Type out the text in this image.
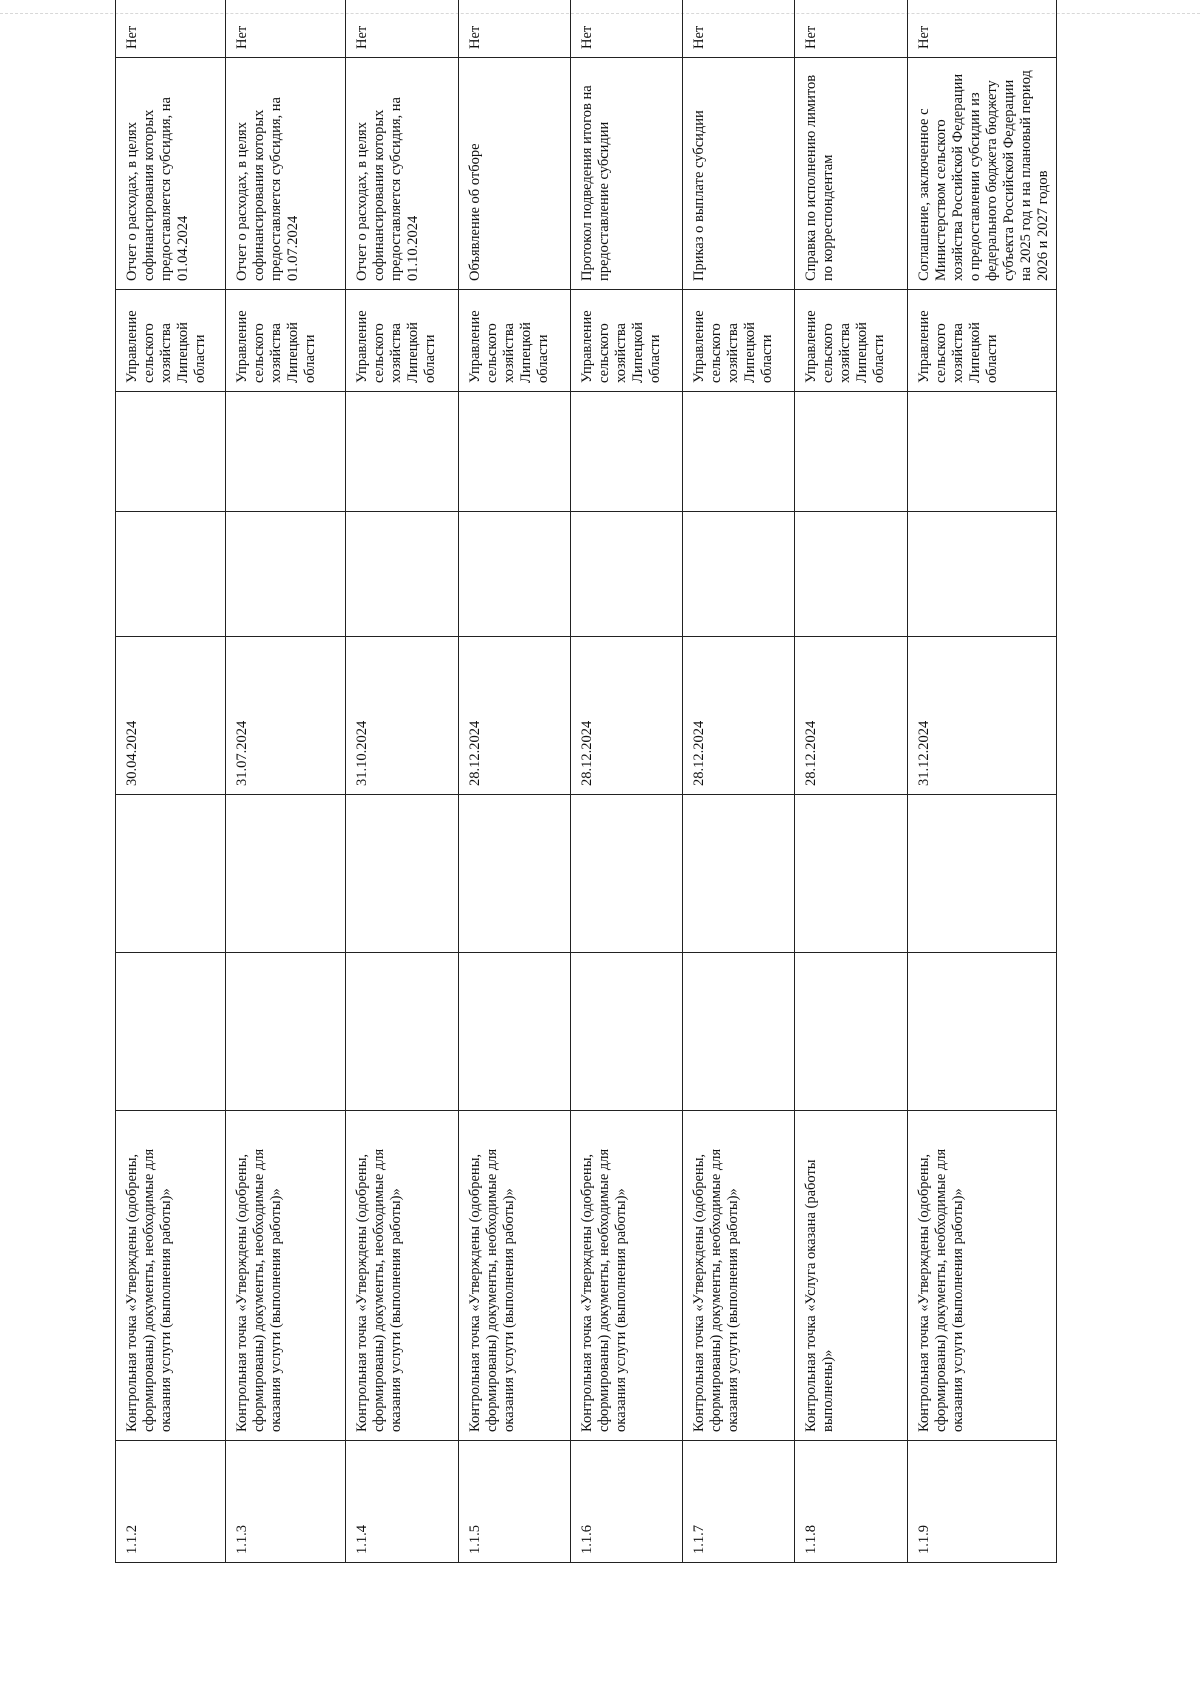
1.1.2	Контрольная точка «Утверждены (одобрены, сформированы) документы, необходимые для оказания услуги (выполнения работы)»			30.04.2024			Управление сельского хозяйства Липецкой области	Отчет о расходах, в целях софинансирования которых предоставляется субсидия, на 01.04.2024	Нет	
1.1.3	Контрольная точка «Утверждены (одобрены, сформированы) документы, необходимые для оказания услуги (выполнения работы)»			31.07.2024			Управление сельского хозяйства Липецкой области	Отчет о расходах, в целях софинансирования которых предоставляется субсидия, на 01.07.2024	Нет	
1.1.4	Контрольная точка «Утверждены (одобрены, сформированы) документы, необходимые для оказания услуги (выполнения работы)»			31.10.2024			Управление сельского хозяйства Липецкой области	Отчет о расходах, в целях софинансирования которых предоставляется субсидия, на 01.10.2024	Нет	
1.1.5	Контрольная точка «Утверждены (одобрены, сформированы) документы, необходимые для оказания услуги (выполнения работы)»			28.12.2024			Управление сельского хозяйства Липецкой области	Объявление об отборе	Нет	
1.1.6	Контрольная точка «Утверждены (одобрены, сформированы) документы, необходимые для оказания услуги (выполнения работы)»			28.12.2024			Управление сельского хозяйства Липецкой области	Протокол подведения итогов на предоставление субсидии	Нет	
1.1.7	Контрольная точка «Утверждены (одобрены, сформированы) документы, необходимые для оказания услуги (выполнения работы)»			28.12.2024			Управление сельского хозяйства Липецкой области	Приказ о выплате субсидии	Нет	
1.1.8	Контрольная точка «Услуга оказана (работы выполнены)»			28.12.2024			Управление сельского хозяйства Липецкой области	Справка по исполнению лимитов по корреспондентам	Нет	
1.1.9	Контрольная точка «Утверждены (одобрены, сформированы) документы, необходимые для оказания услуги (выполнения работы)»			31.12.2024			Управление сельского хозяйства Липецкой области	Соглашение, заключенное с Министерством сельского хозяйства Российской Федерации о предоставлении субсидии из федерального бюджета бюджету субъекта Российской Федерации на 2025 год и на плановый период 2026 и 2027 годов	Нет	
